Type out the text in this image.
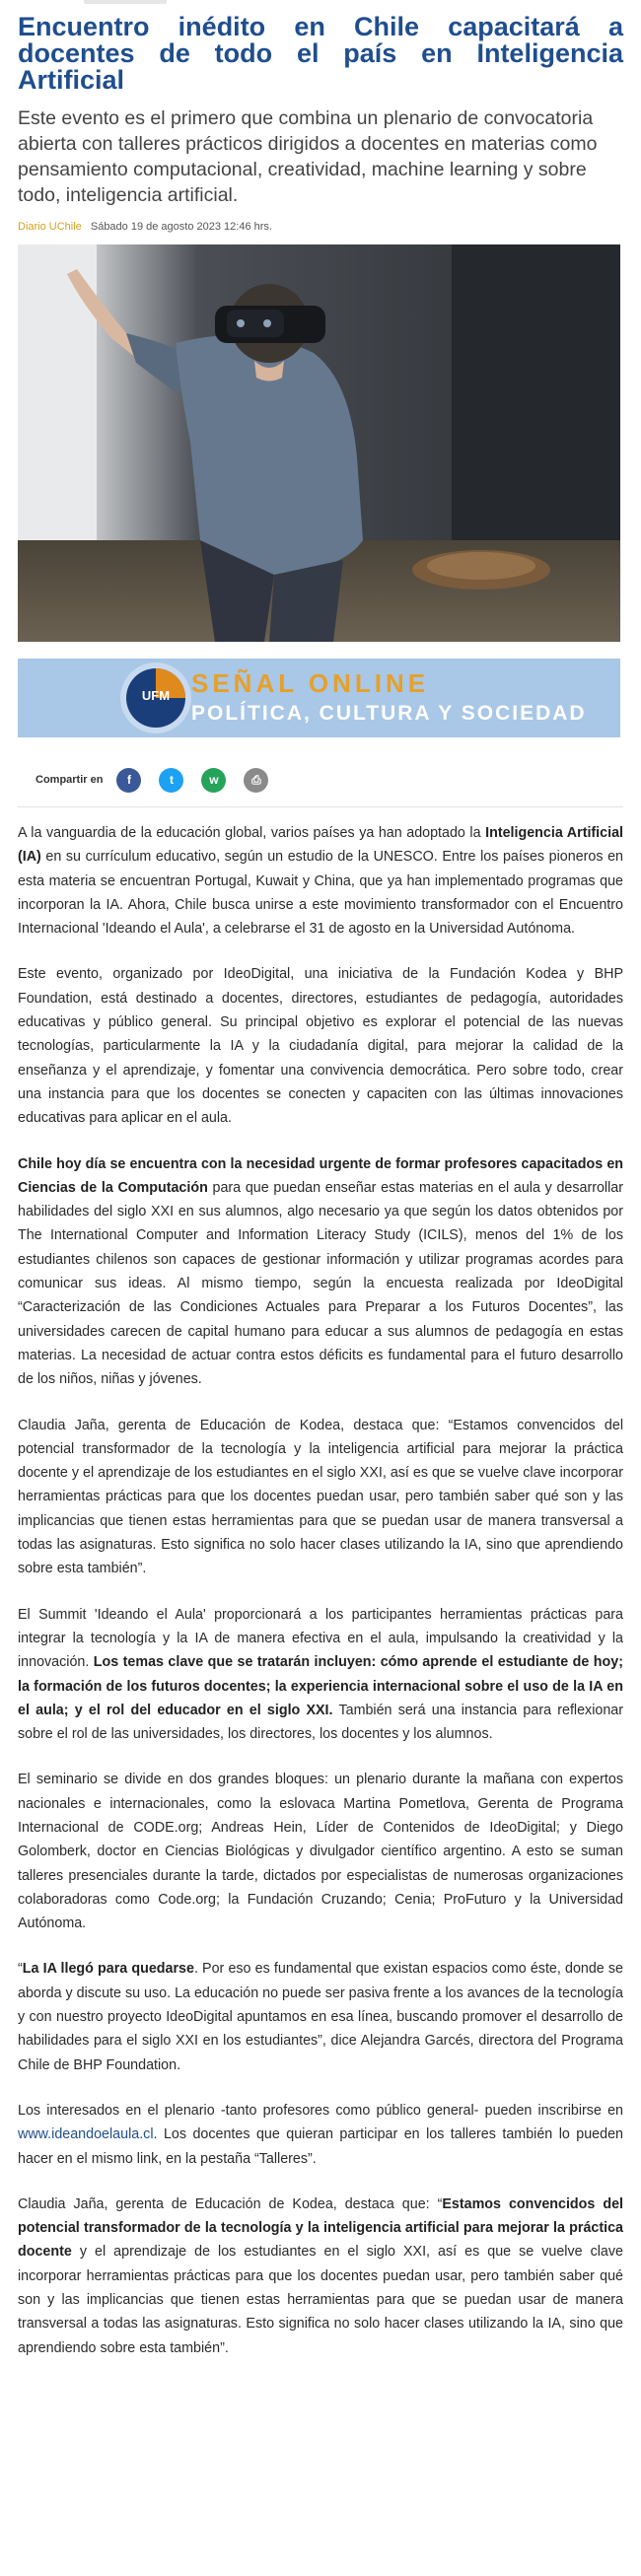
Encuentro inédito en Chile capacitará a docentes de todo el país en Inteligencia Artificial

Este evento es el primero que combina un plenario de convocatoria abierta con talleres prácticos dirigidos a docentes en materias como pensamiento computacional, creatividad, machine learning y sobre todo, inteligencia artificial.

Diario UChile Sábado 19 de agosto 2023 12:46 hrs.
UFM SEÑAL ONLINE
POLÍTICA, CULTURA Y SOCIEDAD
Compartir en	f	t	w	⎙

A la vanguardia de la educación global, varios países ya han adoptado la Inteligencia Artificial (IA) en su currículum educativo, según un estudio de la UNESCO. Entre los países pioneros en esta materia se encuentran Portugal, Kuwait y China, que ya han implementado programas que incorporan la IA. Ahora, Chile busca unirse a este movimiento transformador con el Encuentro Internacional 'Ideando el Aula', a celebrarse el 31 de agosto en la Universidad Autónoma.

Este evento, organizado por IdeoDigital, una iniciativa de la Fundación Kodea y BHP Foundation, está destinado a docentes, directores, estudiantes de pedagogía, autoridades educativas y público general. Su principal objetivo es explorar el potencial de las nuevas tecnologías, particularmente la IA y la ciudadanía digital, para mejorar la calidad de la enseñanza y el aprendizaje, y fomentar una convivencia democrática. Pero sobre todo, crear una instancia para que los docentes se conecten y capaciten con las últimas innovaciones educativas para aplicar en el aula.

Chile hoy día se encuentra con la necesidad urgente de formar profesores capacitados en Ciencias de la Computación para que puedan enseñar estas materias en el aula y desarrollar habilidades del siglo XXI en sus alumnos, algo necesario ya que según los datos obtenidos por The International Computer and Information Literacy Study (ICILS), menos del 1% de los estudiantes chilenos son capaces de gestionar información y utilizar programas acordes para comunicar sus ideas. Al mismo tiempo, según la encuesta realizada por IdeoDigital “Caracterización de las Condiciones Actuales para Preparar a los Futuros Docentes”, las universidades carecen de capital humano para educar a sus alumnos de pedagogía en estas materias. La necesidad de actuar contra estos déficits es fundamental para el futuro desarrollo de los niños, niñas y jóvenes.

Claudia Jaña, gerenta de Educación de Kodea, destaca que: “Estamos convencidos del potencial transformador de la tecnología y la inteligencia artificial para mejorar la práctica docente y el aprendizaje de los estudiantes en el siglo XXI, así es que se vuelve clave incorporar herramientas prácticas para que los docentes puedan usar, pero también saber qué son y las implicancias que tienen estas herramientas para que se puedan usar de manera transversal a todas las asignaturas. Esto significa no solo hacer clases utilizando la IA, sino que aprendiendo sobre esta también”.

El Summit 'Ideando el Aula' proporcionará a los participantes herramientas prácticas para integrar la tecnología y la IA de manera efectiva en el aula, impulsando la creatividad y la innovación. Los temas clave que se tratarán incluyen: cómo aprende el estudiante de hoy; la formación de los futuros docentes; la experiencia internacional sobre el uso de la IA en el aula; y el rol del educador en el siglo XXI. También será una instancia para reflexionar sobre el rol de las universidades, los directores, los docentes y los alumnos.

El seminario se divide en dos grandes bloques: un plenario durante la mañana con expertos nacionales e internacionales, como la eslovaca Martina Pometlova, Gerenta de Programa Internacional de CODE.org; Andreas Hein, Líder de Contenidos de IdeoDigital; y Diego Golomberk, doctor en Ciencias Biológicas y divulgador científico argentino. A esto se suman talleres presenciales durante la tarde, dictados por especialistas de numerosas organizaciones colaboradoras como Code.org; la Fundación Cruzando; Cenia; ProFuturo y la Universidad Autónoma.

“La IA llegó para quedarse. Por eso es fundamental que existan espacios como éste, donde se aborda y discute su uso. La educación no puede ser pasiva frente a los avances de la tecnología y con nuestro proyecto IdeoDigital apuntamos en esa línea, buscando promover el desarrollo de habilidades para el siglo XXI en los estudiantes”, dice Alejandra Garcés, directora del Programa Chile de BHP Foundation.

Los interesados en el plenario -tanto profesores como público general- pueden inscribirse en www.ideandoelaula.cl. Los docentes que quieran participar en los talleres también lo pueden hacer en el mismo link, en la pestaña “Talleres”.

Claudia Jaña, gerenta de Educación de Kodea, destaca que: “Estamos convencidos del potencial transformador de la tecnología y la inteligencia artificial para mejorar la práctica docente y el aprendizaje de los estudiantes en el siglo XXI, así es que se vuelve clave incorporar herramientas prácticas para que los docentes puedan usar, pero también saber qué son y las implicancias que tienen estas herramientas para que se puedan usar de manera transversal a todas las asignaturas. Esto significa no solo hacer clases utilizando la IA, sino que aprendiendo sobre esta también”.
